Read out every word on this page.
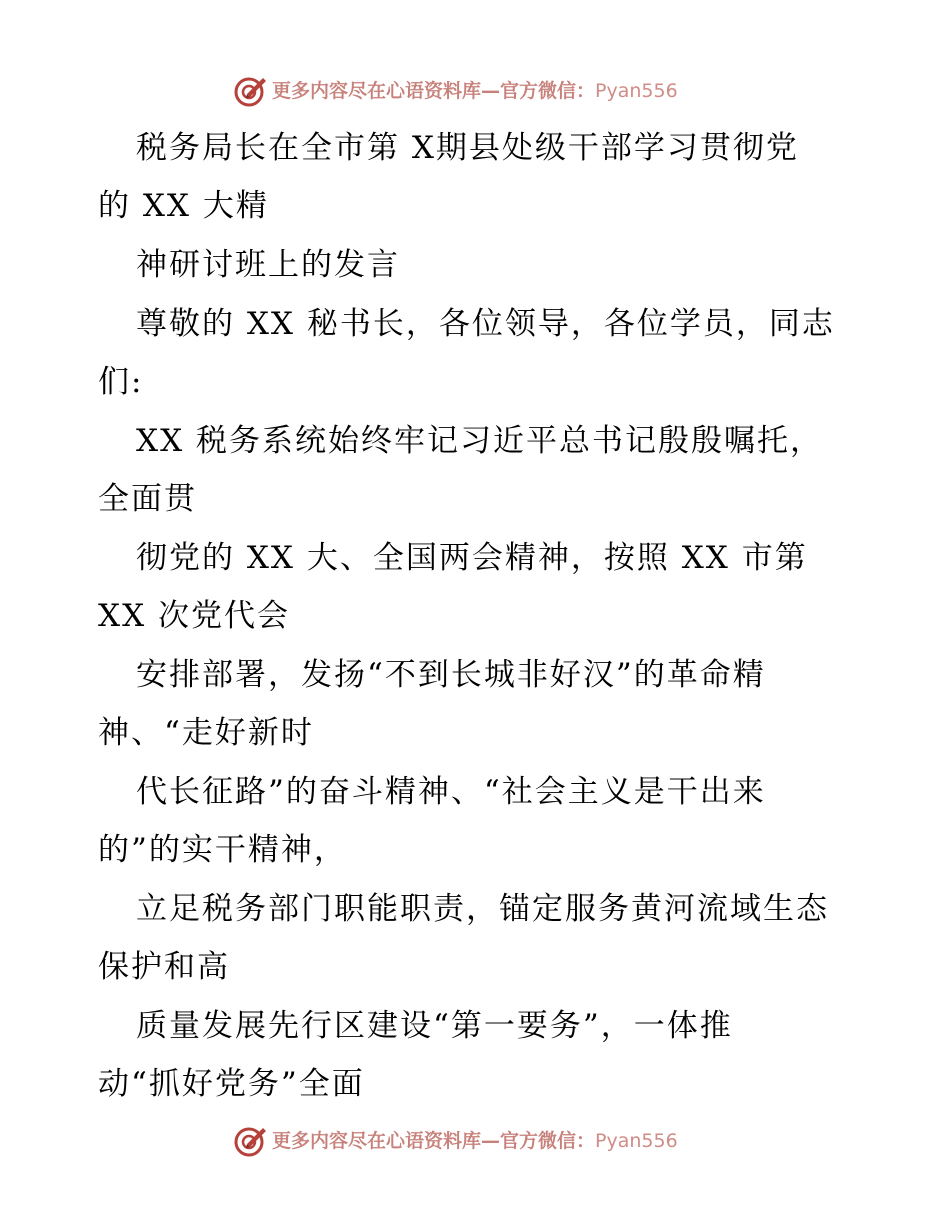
更多内容尽在心语资料库—官方微信：Pyan556
税务局长在全市第 X期县处级干部学习贯彻党
的 XX 大精
神研讨班上的发言
尊敬的 XX 秘书长，各位领导，各位学员，同志
们:
XX 税务系统始终牢记习近平总书记殷殷嘱托，
全面贯
彻党的 XX 大、全国两会精神，按照 XX 市第
XX 次党代会
安排部署，发扬“不到长城非好汉”的革命精
神、“走好新时
代长征路”的奋斗精神、“社会主义是干出来
的”的实干精神，
立足税务部门职能职责，锚定服务黄河流域生态
保护和高
质量发展先行区建设“第一要务”，一体推
动“抓好党务”全面
更多内容尽在心语资料库—官方微信：Pyan556
